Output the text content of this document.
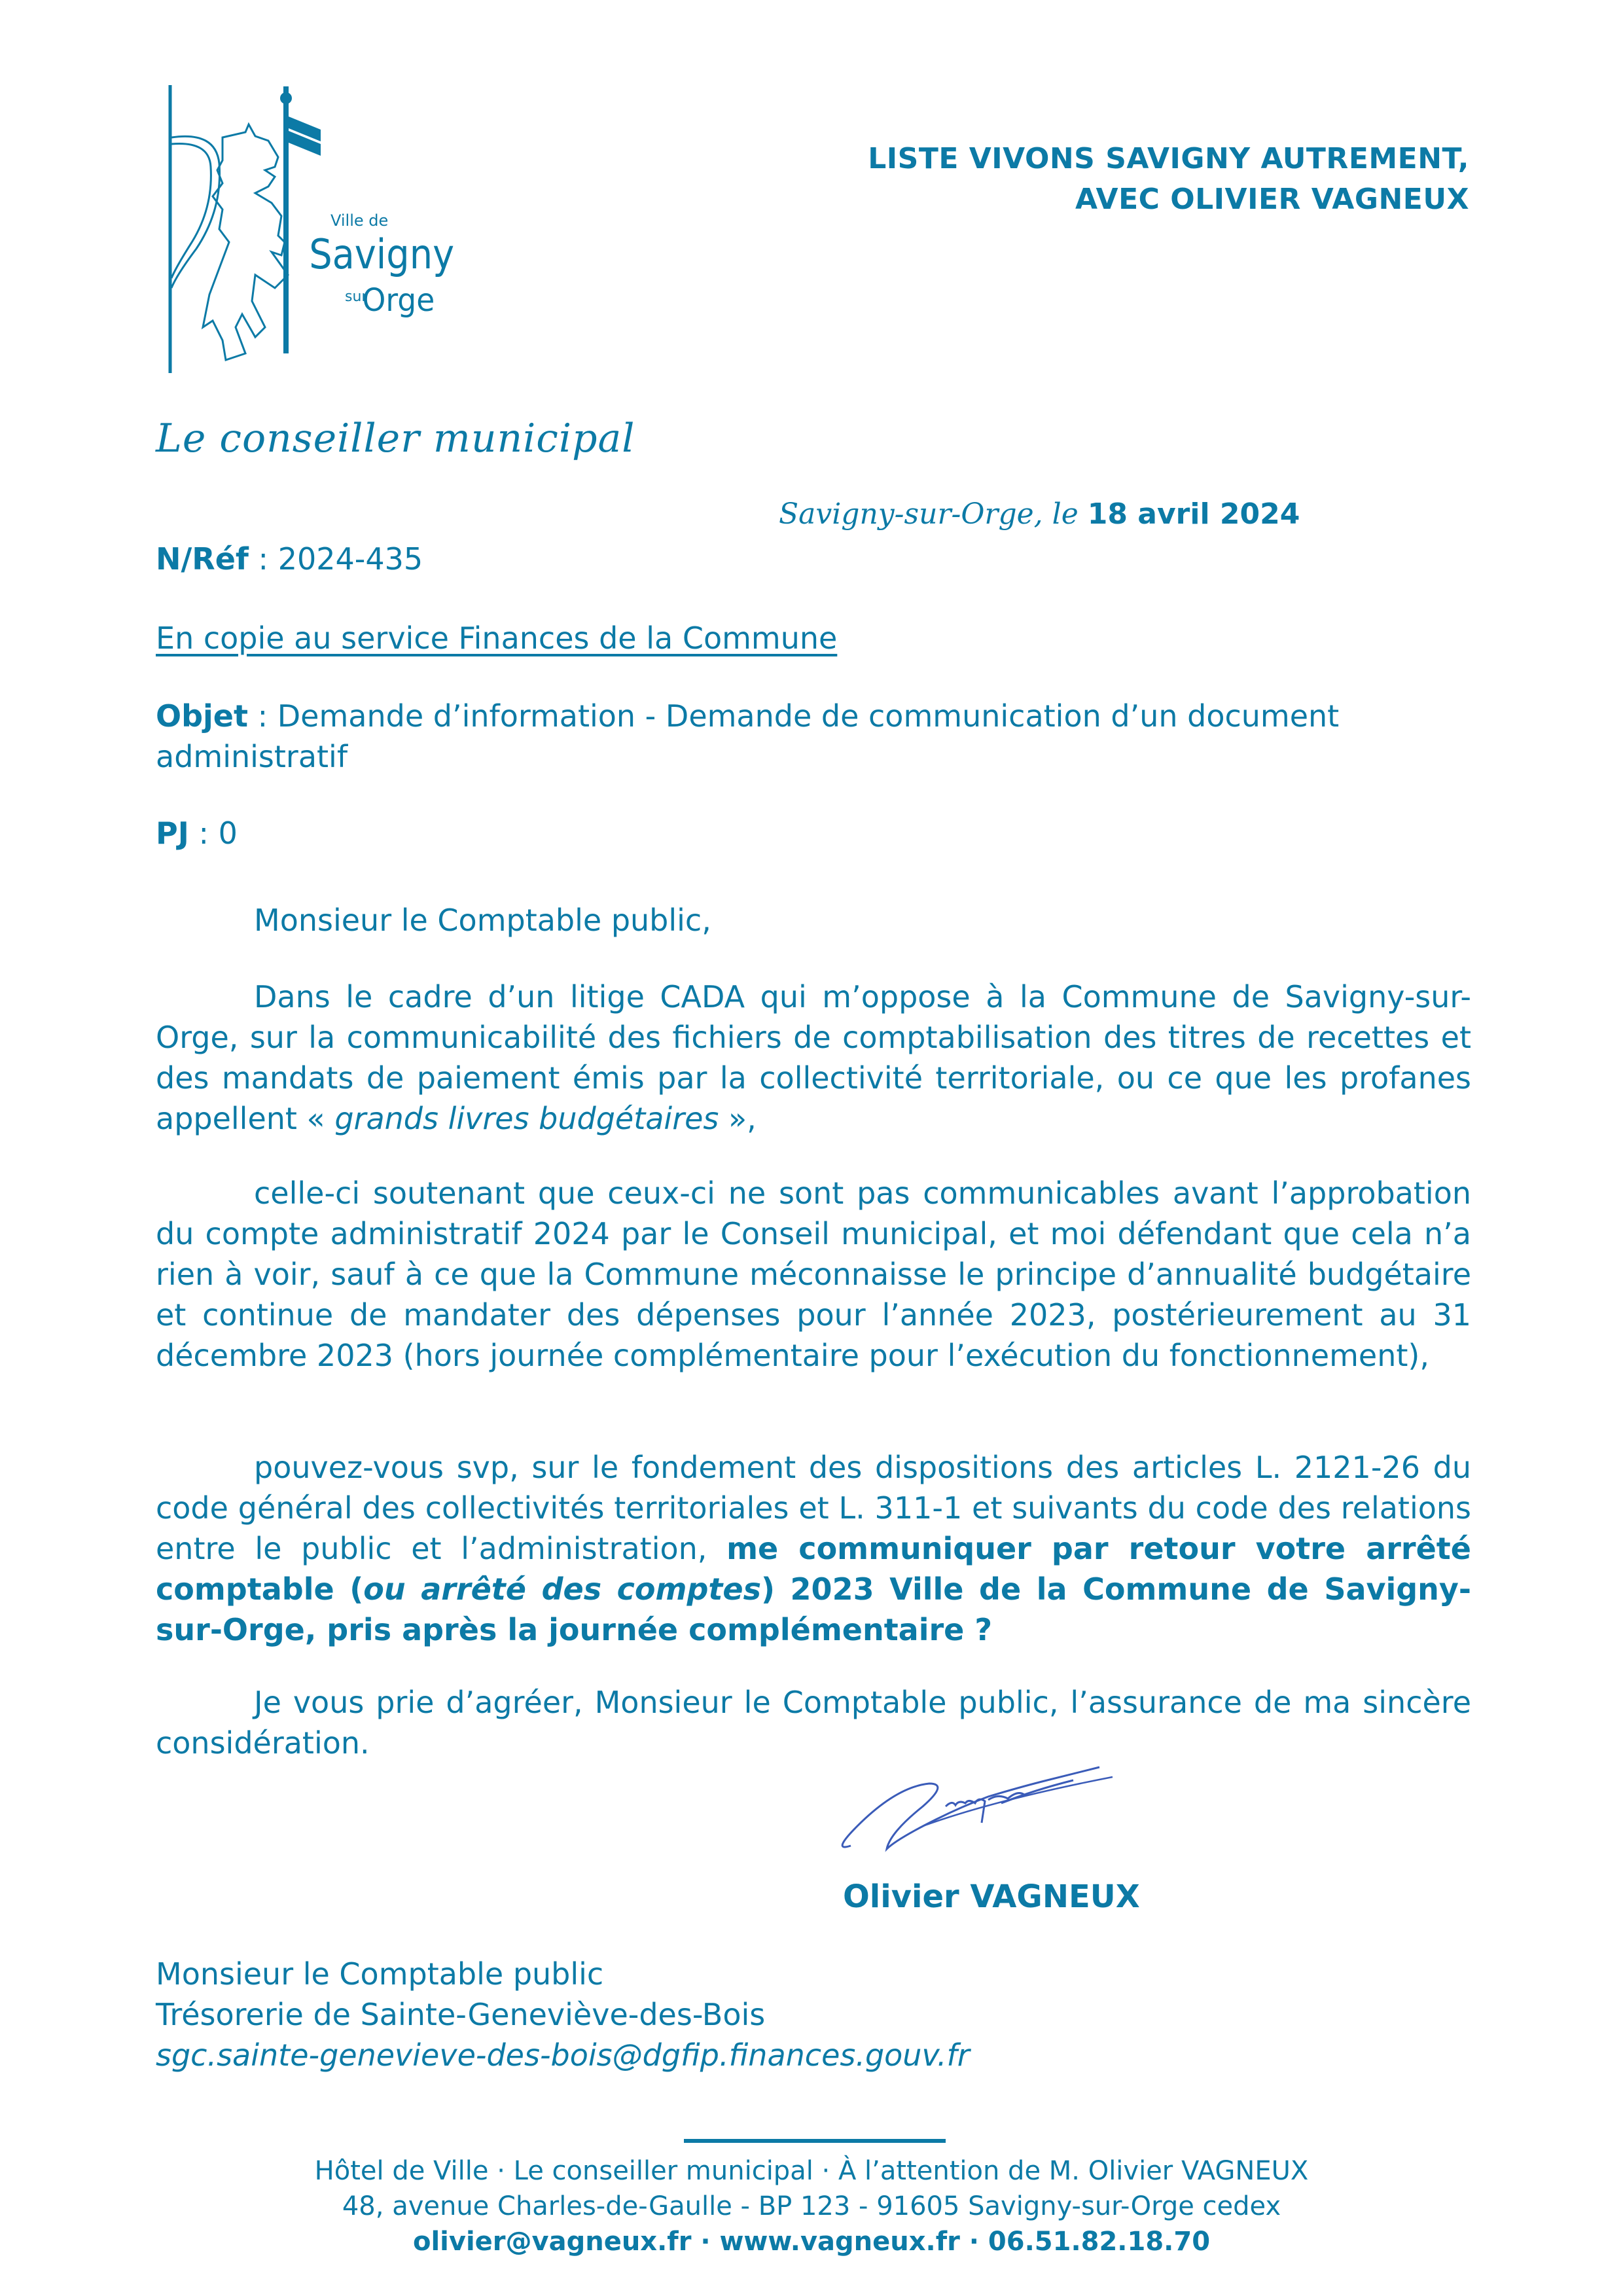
Ville de
Savigny
sur
Orge
LISTE VIVONS SAVIGNY AUTREMENT,
AVEC OLIVIER VAGNEUX
Le conseiller municipal
Savigny-sur-Orge, le 18 avril 2024
N/Réf : 2024-435
En copie au service Finances de la Commune
Objet : Demande d’information - Demande de communication d’un document administratif
PJ : 0
Monsieur le Comptable public,
Dans le cadre d’un litige CADA qui m’oppose à la Commune de Savigny-sur-Orge, sur la communicabilité des fichiers de comptabilisation des titres de recettes et des mandats de paiement émis par la collectivité territoriale, ou ce que les profanes appellent « grands livres budgétaires »,
celle-ci soutenant que ceux-ci ne sont pas communicables avant l’approbation du compte administratif 2024 par le Conseil municipal, et moi défendant que cela n’a rien à voir, sauf à ce que la Commune méconnaisse le principe d’annualité budgétaire et continue de mandater des dépenses pour l’année 2023, postérieurement au 31 décembre 2023 (hors journée complémentaire pour l’exécution du fonctionnement),
pouvez-vous svp, sur le fondement des dispositions des articles L. 2121-26 du code général des collectivités territoriales et L. 311-1 et suivants du code des relations entre le public et l’administration, me communiquer par retour votre arrêté comptable (ou arrêté des comptes) 2023 Ville de la Commune de Savigny-sur-Orge, pris après la journée complémentaire ?
Je vous prie d’agréer, Monsieur le Comptable public, l’assurance de ma sincère considération.
Olivier VAGNEUX
Monsieur le Comptable public
Trésorerie de Sainte-Geneviève-des-Bois
sgc.sainte-genevieve-des-bois@dgfip.finances.gouv.fr
Hôtel de Ville · Le conseiller municipal · À l’attention de M. Olivier VAGNEUX
48, avenue Charles-de-Gaulle - BP 123 - 91605 Savigny-sur-Orge cedex
olivier@vagneux.fr · www.vagneux.fr · 06.51.82.18.70
